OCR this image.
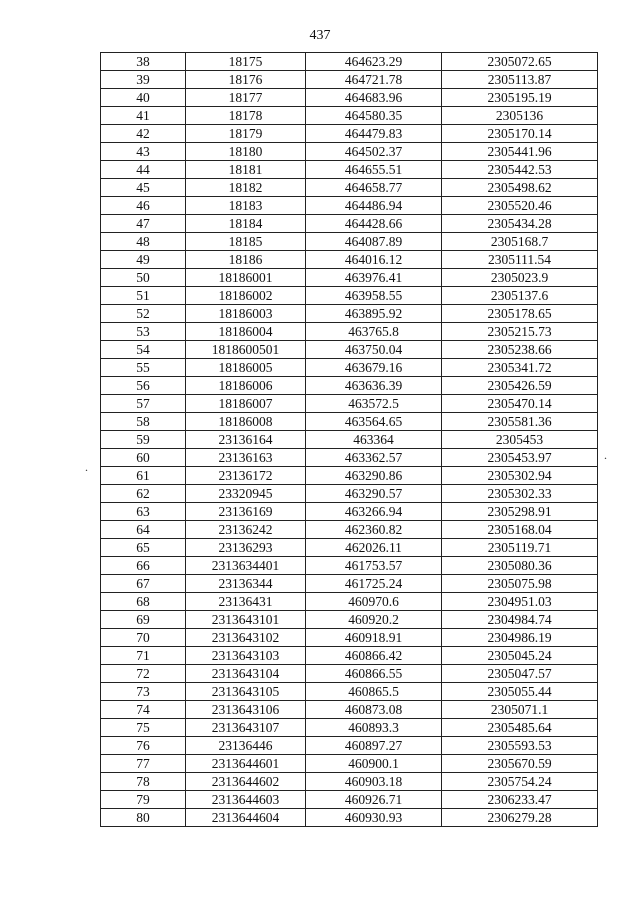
437
38	18175	464623.29	2305072.65
39	18176	464721.78	2305113.87
40	18177	464683.96	2305195.19
41	18178	464580.35	2305136
42	18179	464479.83	2305170.14
43	18180	464502.37	2305441.96
44	18181	464655.51	2305442.53
45	18182	464658.77	2305498.62
46	18183	464486.94	2305520.46
47	18184	464428.66	2305434.28
48	18185	464087.89	2305168.7
49	18186	464016.12	2305111.54
50	18186001	463976.41	2305023.9
51	18186002	463958.55	2305137.6
52	18186003	463895.92	2305178.65
53	18186004	463765.8	2305215.73
54	1818600501	463750.04	2305238.66
55	18186005	463679.16	2305341.72
56	18186006	463636.39	2305426.59
57	18186007	463572.5	2305470.14
58	18186008	463564.65	2305581.36
59	23136164	463364	2305453
60	23136163	463362.57	2305453.97
61	23136172	463290.86	2305302.94
62	23320945	463290.57	2305302.33
63	23136169	463266.94	2305298.91
64	23136242	462360.82	2305168.04
65	23136293	462026.11	2305119.71
66	2313634401	461753.57	2305080.36
67	23136344	461725.24	2305075.98
68	23136431	460970.6	2304951.03
69	2313643101	460920.2	2304984.74
70	2313643102	460918.91	2304986.19
71	2313643103	460866.42	2305045.24
72	2313643104	460866.55	2305047.57
73	2313643105	460865.5	2305055.44
74	2313643106	460873.08	2305071.1
75	2313643107	460893.3	2305485.64
76	23136446	460897.27	2305593.53
77	2313644601	460900.1	2305670.59
78	2313644602	460903.18	2305754.24
79	2313644603	460926.71	2306233.47
80	2313644604	460930.93	2306279.28
.
.
